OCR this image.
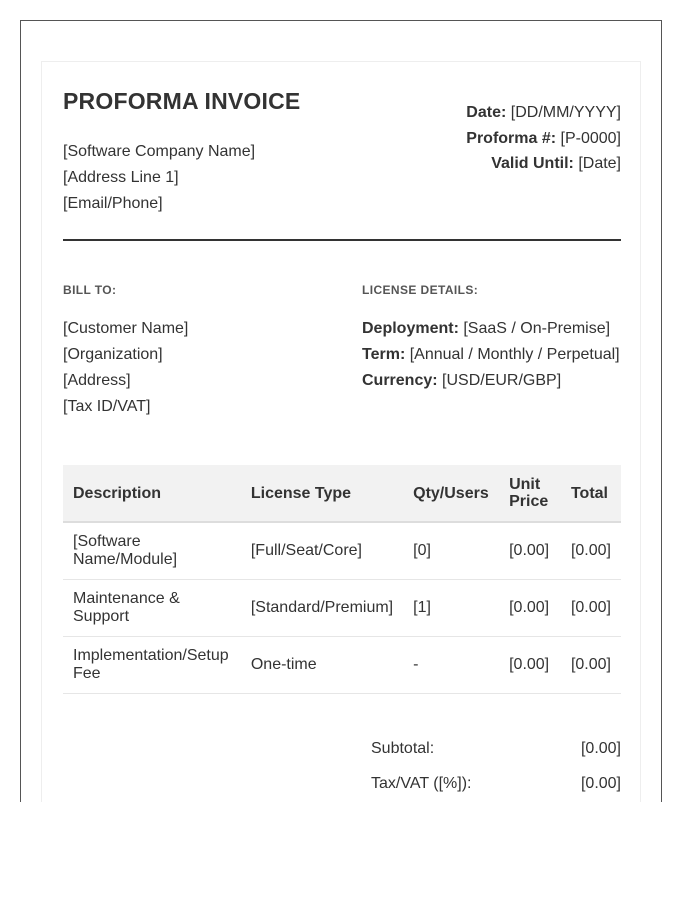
PROFORMA INVOICE
[Software Company Name]
[Address Line 1]
[Email/Phone]
Date: [DD/MM/YYYY]
Proforma #: [P-0000]
Valid Until: [Date]
BILL TO:	LICENSE DETAILS:
[Customer Name]
[Organization]
[Address]
[Tax ID/VAT]
Deployment: [SaaS / On-Premise]
Term: [Annual / Monthly / Perpetual]
Currency: [USD/EUR/GBP]
Description	License Type	Qty/Users	Unit Price	Total
[Software Name/Module]	[Full/Seat/Core]	[0]	[0.00]	[0.00]
Maintenance & Support	[Standard/Premium]	[1]	[0.00]	[0.00]
Implementation/Setup Fee	One-time	-	[0.00]	[0.00]
Subtotal:	[0.00]
Tax/VAT ([%]):	[0.00]
